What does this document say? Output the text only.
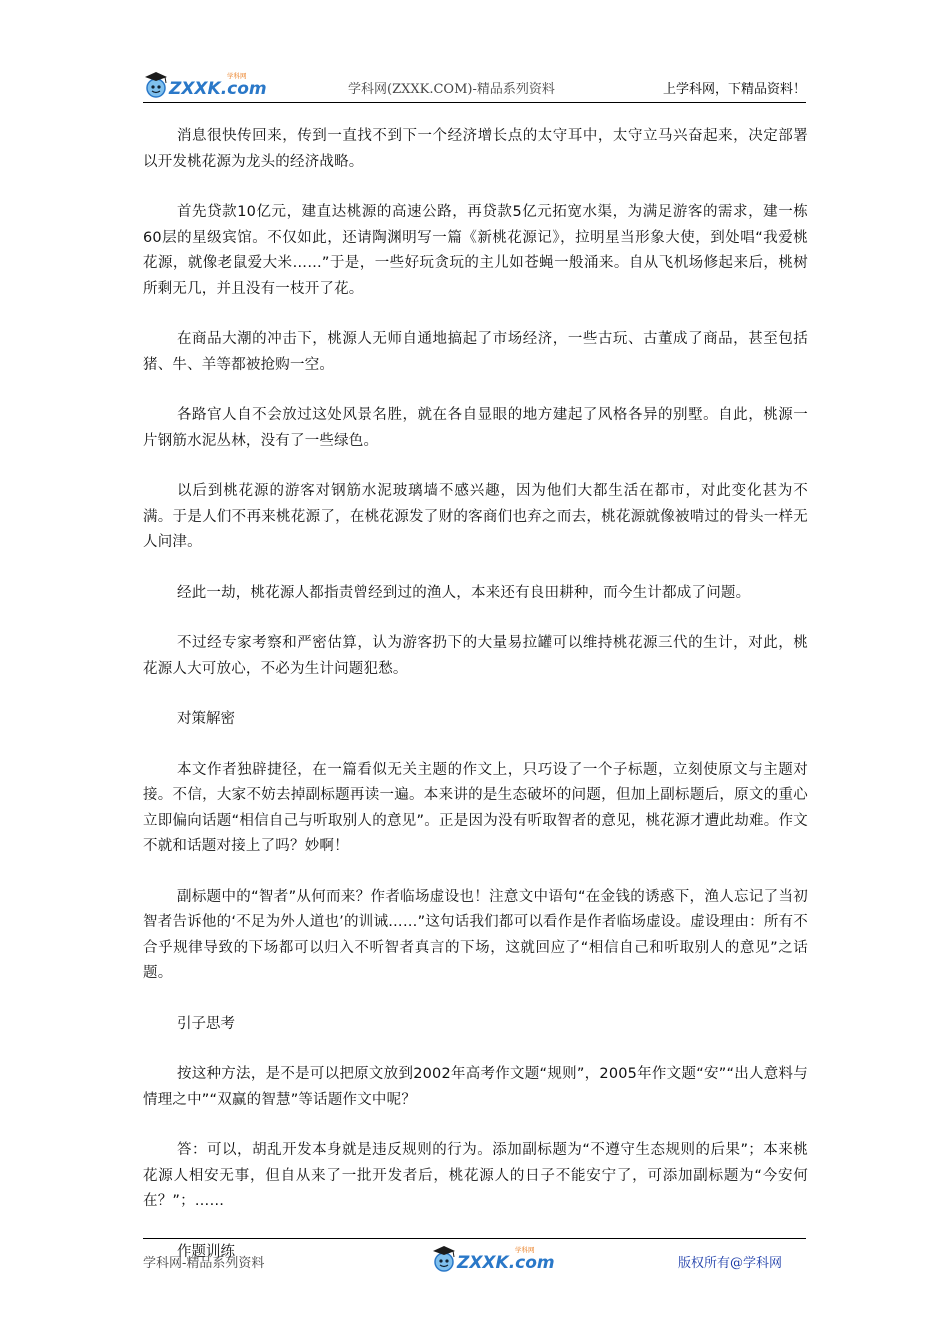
ZXXK.com
学科网
学科网(ZXXK.COM)-精品系列资料	上学科网，下精品资料！

消息很快传回来，传到一直找不到下一个经济增长点的太守耳中，太守立马兴奋起来，决定部署以开发桃花源为龙头的经济战略。

首先贷款10亿元，建直达桃源的高速公路，再贷款5亿元拓宽水渠，为满足游客的需求，建一栋60层的星级宾馆。不仅如此，还请陶渊明写一篇《新桃花源记》，拉明星当形象大使，到处唱“我爱桃花源，就像老鼠爱大米……”于是，一些好玩贪玩的主儿如苍蝇一般涌来。自从飞机场修起来后，桃树所剩无几，并且没有一枝开了花。

在商品大潮的冲击下，桃源人无师自通地搞起了市场经济，一些古玩、古董成了商品，甚至包括猪、牛、羊等都被抢购一空。

各路官人自不会放过这处风景名胜，就在各自显眼的地方建起了风格各异的别墅。自此，桃源一片钢筋水泥丛林，没有了一些绿色。

以后到桃花源的游客对钢筋水泥玻璃墙不感兴趣，因为他们大都生活在都市，对此变化甚为不满。于是人们不再来桃花源了，在桃花源发了财的客商们也弃之而去，桃花源就像被啃过的骨头一样无人问津。

经此一劫，桃花源人都指责曾经到过的渔人，本来还有良田耕种，而今生计都成了问题。

不过经专家考察和严密估算，认为游客扔下的大量易拉罐可以维持桃花源三代的生计，对此，桃花源人大可放心，不必为生计问题犯愁。

对策解密

本文作者独辟捷径，在一篇看似无关主题的作文上，只巧设了一个子标题，立刻使原文与主题对接。不信，大家不妨去掉副标题再读一遍。本来讲的是生态破坏的问题，但加上副标题后，原文的重心立即偏向话题“相信自己与听取别人的意见”。正是因为没有听取智者的意见，桃花源才遭此劫难。作文不就和话题对接上了吗？妙啊！

副标题中的“智者”从何而来？作者临场虚设也！注意文中语句“在金钱的诱惑下，渔人忘记了当初智者告诉他的‘不足为外人道也’的训诫……”这句话我们都可以看作是作者临场虚设。虚设理由：所有不合乎规律导致的下场都可以归入不听智者真言的下场，这就回应了“相信自己和听取别人的意见”之话题。

引子思考

按这种方法，是不是可以把原文放到2002年高考作文题“规则”，2005年作文题“安”“出人意料与情理之中”“双赢的智慧”等话题作文中呢？

答：可以，胡乱开发本身就是违反规则的行为。添加副标题为“不遵守生态规则的后果”；本来桃花源人相安无事，但自从来了一批开发者后，桃花源人的日子不能安宁了，可添加副标题为“今安何在？”；……

作题训练

学科网-精品系列资料	ZXXK.com
学科网
版权所有@学科网
